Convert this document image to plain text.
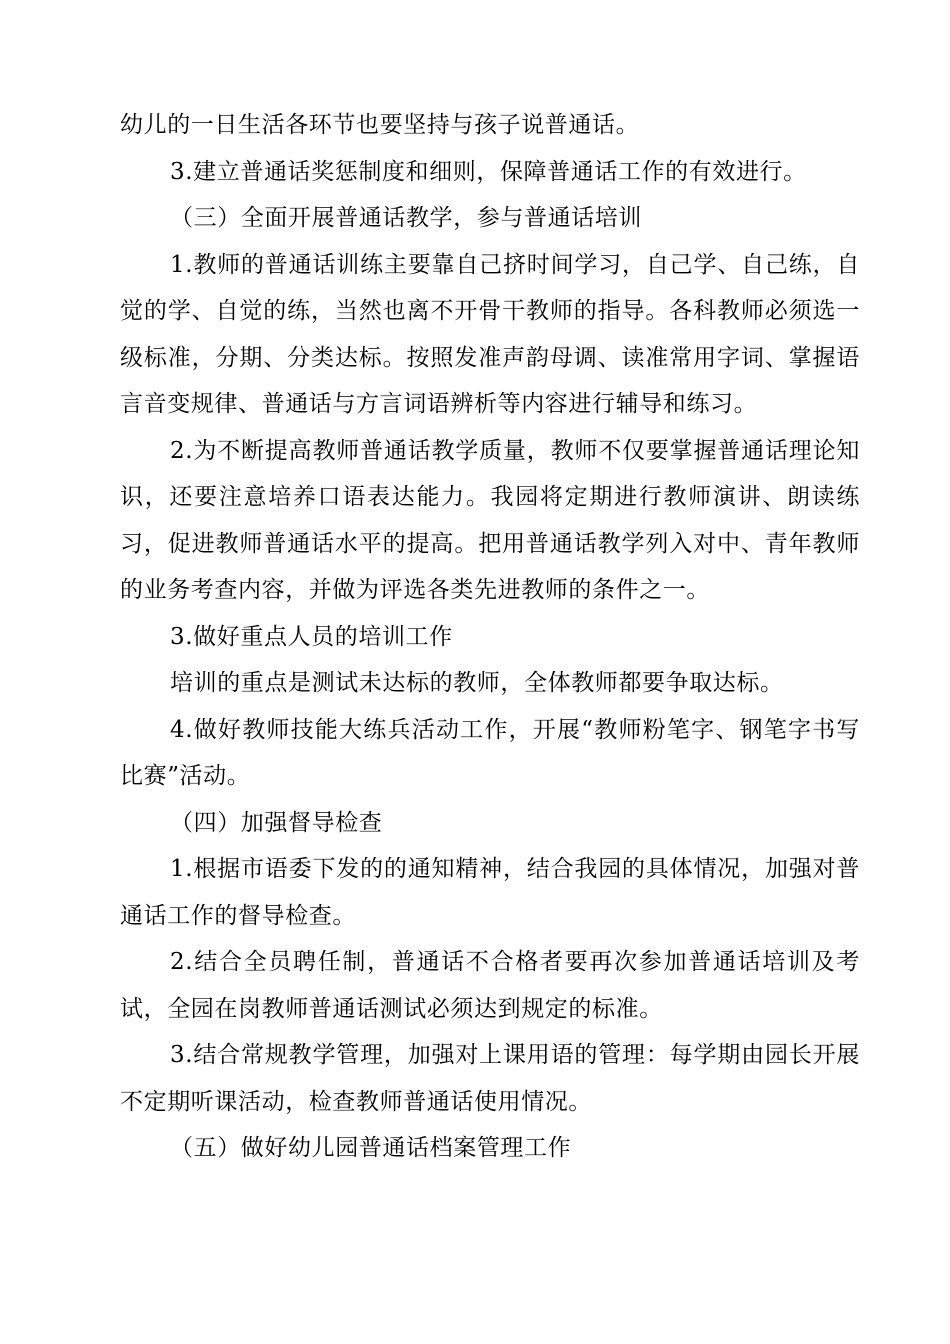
幼儿的一日生活各环节也要坚持与孩子说普通话。

3.建立普通话奖惩制度和细则，保障普通话工作的有效进行。

（三）全面开展普通话教学，参与普通话培训

1.教师的普通话训练主要靠自己挤时间学习，自己学、自己练，自觉的学、自觉的练，当然也离不开骨干教师的指导。各科教师必须选一级标准，分期、分类达标。按照发准声韵母调、读准常用字词、掌握语言音变规律、普通话与方言词语辨析等内容进行辅导和练习。

2.为不断提高教师普通话教学质量，教师不仅要掌握普通话理论知识，还要注意培养口语表达能力。我园将定期进行教师演讲、朗读练习，促进教师普通话水平的提高。把用普通话教学列入对中、青年教师的业务考查内容，并做为评选各类先进教师的条件之一。

3.做好重点人员的培训工作

培训的重点是测试未达标的教师，全体教师都要争取达标。

4.做好教师技能大练兵活动工作，开展“教师粉笔字、钢笔字书写比赛”活动。

（四）加强督导检查

1.根据市语委下发的的通知精神，结合我园的具体情况，加强对普通话工作的督导检查。

2.结合全员聘任制，普通话不合格者要再次参加普通话培训及考试，全园在岗教师普通话测试必须达到规定的标准。

3.结合常规教学管理，加强对上课用语的管理：每学期由园长开展不定期听课活动，检查教师普通话使用情况。

（五）做好幼儿园普通话档案管理工作
